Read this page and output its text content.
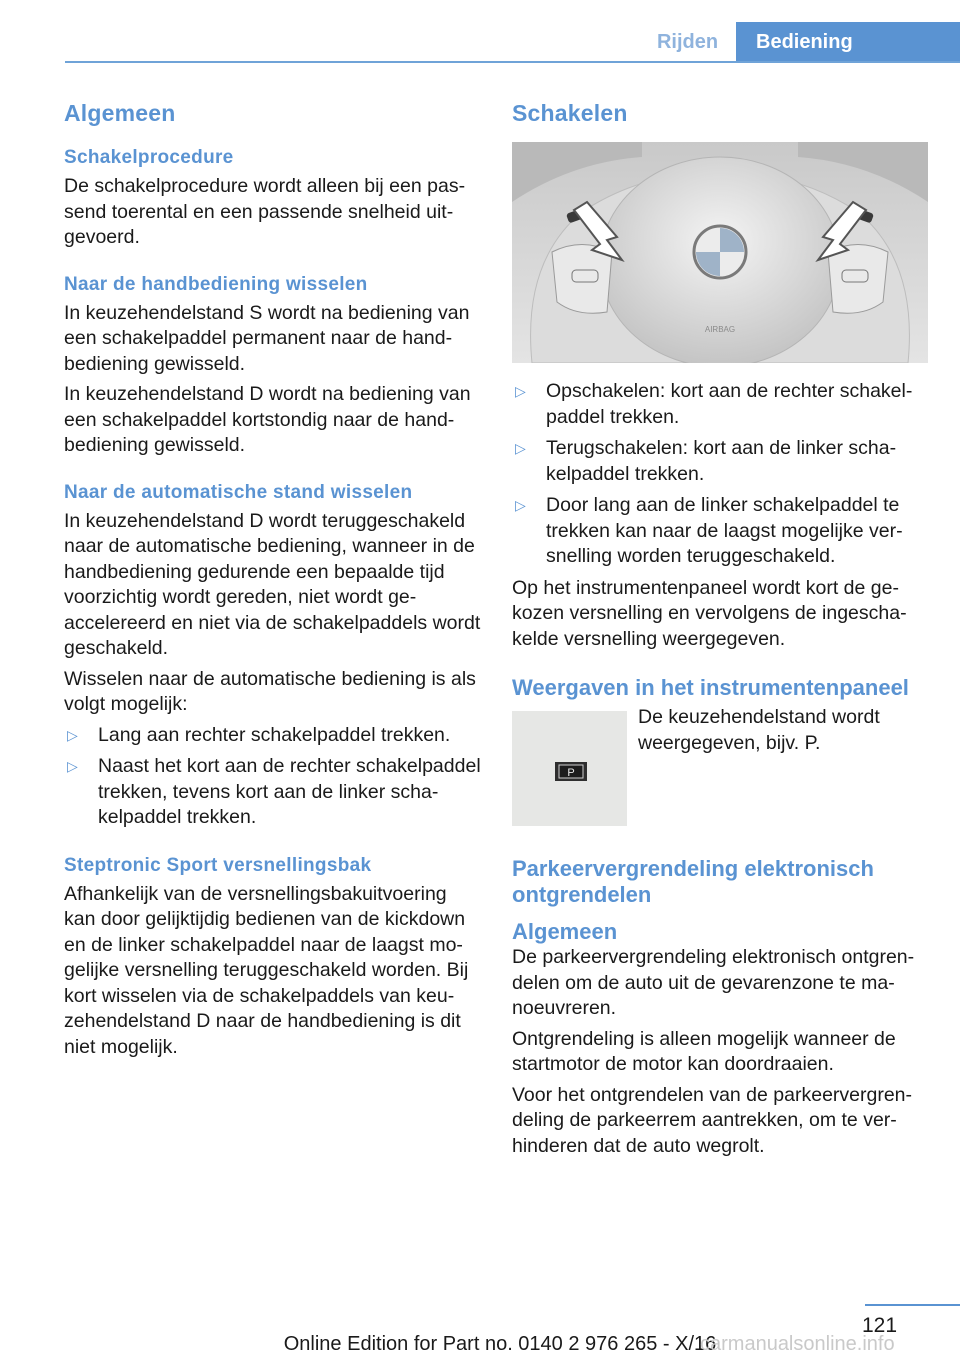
Rijden	Bediening
Algemeen
Schakelprocedure

De schakelprocedure wordt alleen bij een passend toerental en een passende snelheid uitgevoerd.

Naar de handbediening wisselen

In keuzehendelstand S wordt na bediening van een schakelpaddel permanent naar de handbediening gewisseld.

In keuzehendelstand D wordt na bediening van een schakelpaddel kortstondig naar de handbediening gewisseld.

Naar de automatische stand wisselen

In keuzehendelstand D wordt teruggeschakeld naar de automatische bediening, wanneer in de handbediening gedurende een bepaalde tijd voorzichtig wordt gereden, niet wordt geaccelereerd en niet via de schakelpaddels wordt geschakeld.

Wisselen naar de automatische bediening is als volgt mogelijk:

▷ Lang aan rechter schakelpaddel trekken.
▷ Naast het kort aan de rechter schakelpaddel trekken, tevens kort aan de linker schakelpaddel trekken.
Steptronic Sport versnellingsbak

Afhankelijk van de versnellingsbakuitvoering kan door gelijktijdig bedienen van de kickdown en de linker schakelpaddel naar de laagst mogelijke versnelling teruggeschakeld worden. Bij kort wisselen via de schakelpaddels van keuzehendelstand D naar de handbediening is dit niet mogelijk.

Schakelen
AIRBAG
▷ Opschakelen: kort aan de rechter schakelpaddel trekken.
▷ Terugschakelen: kort aan de linker schakelpaddel trekken.
▷ Door lang aan de linker schakelpaddel te trekken kan naar de laagst mogelijke versnelling worden teruggeschakeld.

Op het instrumentenpaneel wordt kort de gekozen versnelling en vervolgens de ingeschakelde versnelling weergegeven.

Weergaven in het instrumentenpaneel
P
De keuzehendelstand wordt weergegeven, bijv. P.
Parkeervergrendeling elektronisch ontgrendelen
Algemeen

De parkeervergrendeling elektronisch ontgrendelen om de auto uit de gevarenzone te manoeuvreren.

Ontgrendeling is alleen mogelijk wanneer de startmotor de motor kan doordraaien.

Voor het ontgrendelen van de parkeervergrendeling de parkeerrem aantrekken, om te verhinderen dat de auto wegrolt.

121
Online Edition for Part no. 0140 2 976 265 - X/16
carmanualsonline.info
